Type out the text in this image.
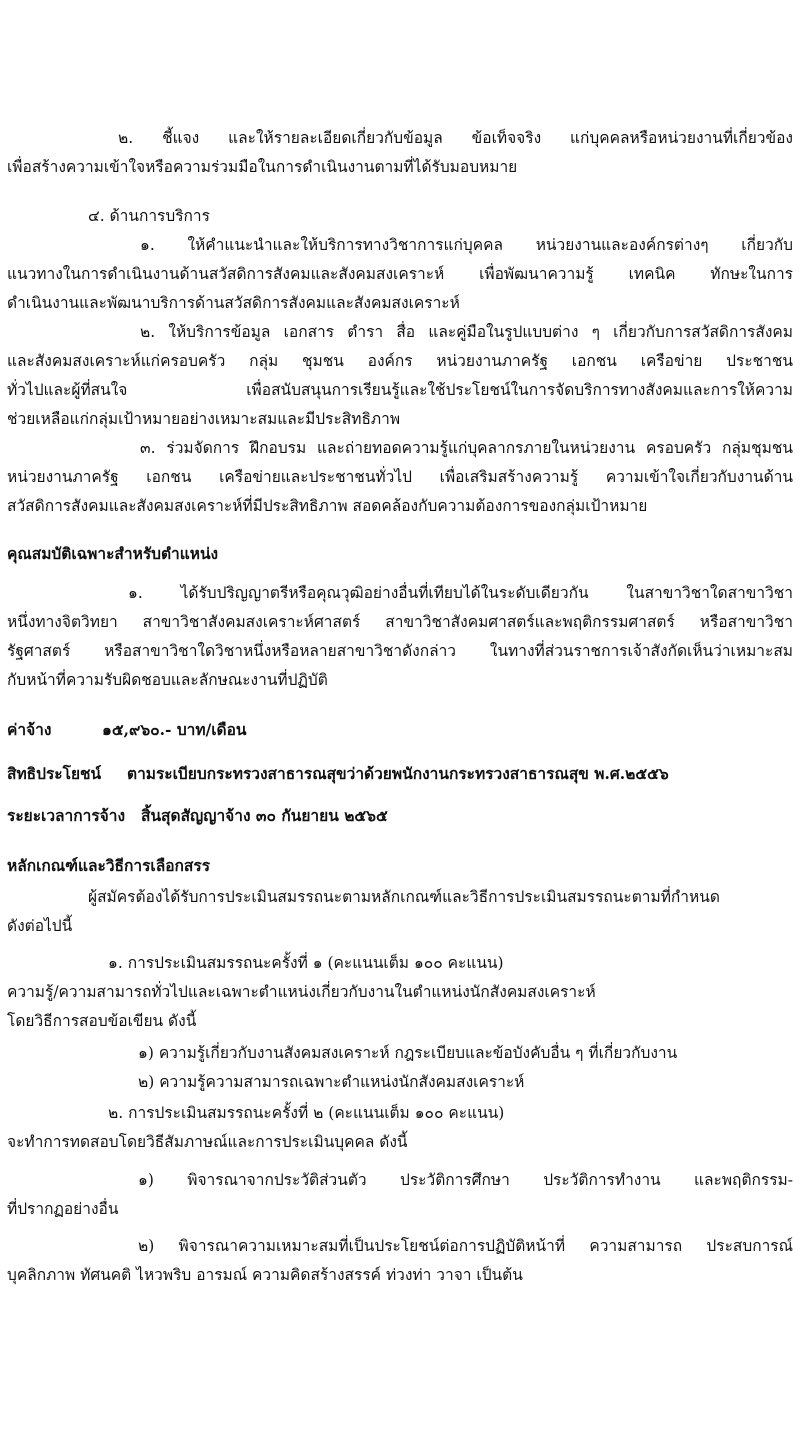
๒. ชี้แจง และให้รายละเอียดเกี่ยวกับข้อมูล ข้อเท็จจริง แก่บุคคลหรือหน่วยงานที่เกี่ยวข้อง
เพื่อสร้างความเข้าใจหรือความร่วมมือในการดำเนินงานตามที่ได้รับมอบหมาย
๔. ด้านการบริการ
๑. ให้คำแนะนำและให้บริการทางวิชาการแก่บุคคล หน่วยงานและองค์กรต่างๆ เกี่ยวกับ
แนวทางในการดำเนินงานด้านสวัสดิการสังคมและสังคมสงเคราะห์ เพื่อพัฒนาความรู้ เทคนิค ทักษะในการ
ดำเนินงานและพัฒนาบริการด้านสวัสดิการสังคมและสังคมสงเคราะห์
๒. ให้บริการข้อมูล เอกสาร ตำรา สื่อ และคู่มือในรูปแบบต่าง ๆ เกี่ยวกับการสวัสดิการสังคม
และสังคมสงเคราะห์แก่ครอบครัว กลุ่ม ชุมชน องค์กร หน่วยงานภาครัฐ เอกชน เครือข่าย ประชาชน
ทั่วไปและผู้ที่สนใจ เพื่อสนับสนุนการเรียนรู้และใช้ประโยชน์ในการจัดบริการทางสังคมและการให้ความ
ช่วยเหลือแก่กลุ่มเป้าหมายอย่างเหมาะสมและมีประสิทธิภาพ
๓. ร่วมจัดการ ฝึกอบรม และถ่ายทอดความรู้แก่บุคลากรภายในหน่วยงาน ครอบครัว กลุ่มชุมชน
หน่วยงานภาครัฐ เอกชน เครือข่ายและประชาชนทั่วไป เพื่อเสริมสร้างความรู้ ความเข้าใจเกี่ยวกับงานด้าน
สวัสดิการสังคมและสังคมสงเคราะห์ที่มีประสิทธิภาพ สอดคล้องกับความต้องการของกลุ่มเป้าหมาย
คุณสมบัติเฉพาะสำหรับตำแหน่ง
๑. ได้รับปริญญาตรีหรือคุณวุฒิอย่างอื่นที่เทียบได้ในระดับเดียวกัน ในสาขาวิชาใดสาขาวิชา
หนึ่งทางจิตวิทยา สาขาวิชาสังคมสงเคราะห์ศาสตร์ สาขาวิชาสังคมศาสตร์และพฤติกรรมศาสตร์ หรือสาขาวิชา
รัฐศาสตร์ หรือสาขาวิชาใดวิชาหนึ่งหรือหลายสาขาวิชาดังกล่าว ในทางที่ส่วนราชการเจ้าสังกัดเห็นว่าเหมาะสม
กับหน้าที่ความรับผิดชอบและลักษณะงานที่ปฏิบัติ
ค่าจ้าง	๑๕,๙๖๐.- บาท/เดือน
สิทธิประโยชน์ ตามระเบียบกระทรวงสาธารณสุขว่าด้วยพนักงานกระทรวงสาธารณสุข พ.ศ.๒๕๕๖
ระยะเวลาการจ้าง สิ้นสุดสัญญาจ้าง ๓๐ กันยายน ๒๕๖๕
หลักเกณฑ์และวิธีการเลือกสรร
ผู้สมัครต้องได้รับการประเมินสมรรถนะตามหลักเกณฑ์และวิธีการประเมินสมรรถนะตามที่กำหนด
ดังต่อไปนี้
๑. การประเมินสมรรถนะครั้งที่ ๑ (คะแนนเต็ม ๑๐๐ คะแนน)
ความรู้/ความสามารถทั่วไปและเฉพาะตำแหน่งเกี่ยวกับงานในตำแหน่งนักสังคมสงเคราะห์
โดยวิธีการสอบข้อเขียน ดังนี้
๑) ความรู้เกี่ยวกับงานสังคมสงเคราะห์ กฎระเบียบและข้อบังคับอื่น ๆ ที่เกี่ยวกับงาน
๒) ความรู้ความสามารถเฉพาะตำแหน่งนักสังคมสงเคราะห์
๒. การประเมินสมรรถนะครั้งที่ ๒ (คะแนนเต็ม ๑๐๐ คะแนน)
จะทำการทดสอบโดยวิธีสัมภาษณ์และการประเมินบุคคล ดังนี้
๑) พิจารณาจากประวัติส่วนตัว ประวัติการศึกษา ประวัติการทำงาน และพฤติกรรม-
ที่ปรากฏอย่างอื่น
๒) พิจารณาความเหมาะสมที่เป็นประโยชน์ต่อการปฏิบัติหน้าที่ ความสามารถ ประสบการณ์
บุคลิกภาพ ทัศนคติ ไหวพริบ อารมณ์ ความคิดสร้างสรรค์ ท่วงท่า วาจา เป็นต้น
